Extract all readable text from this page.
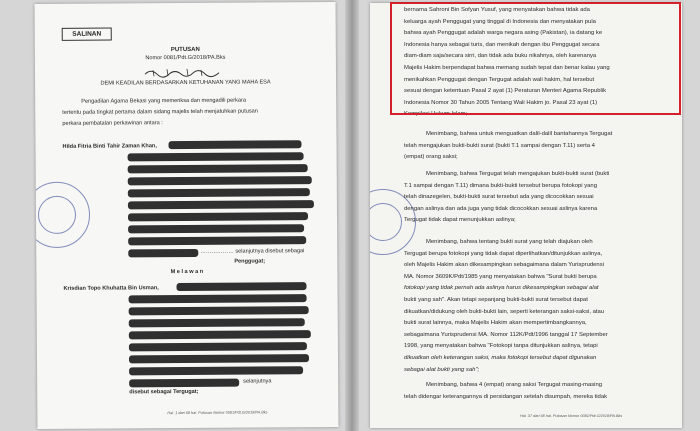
SALINAN
PUTUSAN
Nomor 0081/Pdt.G/2018/PA.Bks
DEMI KEADILAN BERDASARKAN KETUHANAN YANG MAHA ESA
Pengadilan Agama Bekasi yang memeriksa dan mengadili perkara
tertentu pada tingkat pertama dalam sidang majelis telah menjatuhkan putusan
perkara pembatalan perkawinan antara :
Hilda Fitria Binti Tahir Zaman Khan,
……………… selanjutnya disebut sebagai
Penggugat;
M e l a w a n
Krisdian Topo Khuhatta Bin Usman,
selanjutnya
disebut sebagai Tergugat;
Hal. 1 dari 68 hal. Putusan Nomor 0081/Pdt.G/2018/PA.Bks
bernama Sahroni Bin Sofyan Yusuf, yang menyatakan bahwa tidak ada
keluarga ayah Penggugat yang tinggal di Indonesia dan menyatakan pula
bahwa ayah Penggugat adalah warga negara asing (Pakistan), ia datang ke
Indonesia hanya sebagai turis, dan menikah dengan ibu Penggugat secara
diam-diam saja/secara sirri, dan tidak ada buku nikahnya, oleh karenanya
Majelis Hakim berpendapat bahwa memang sudah tepat dan benar kalau yang
menikahkan Penggugat dengan Tergugat adalah wali hakim, hal tersebut
sesuai dengan ketentuan Pasal 2 ayat (1) Peraturan Menteri Agama Republik
Indonesia Nomor 30 Tahun 2005 Tentang Wali Hakim jo. Pasal 23 ayat (1)
Kompilasi Hukum Islam;
Menimbang, bahwa untuk menguatkan dalil-dalil bantahannya Tergugat
telah mengajukan bukti-bukti surat (bukti T.1 sampai dengan T.11) serta 4
(empat) orang saksi;
Menimbang, bahwa Tergugat telah mengajukan bukti-bukti surat (bukti
T.1 sampai dengan T.11) dimana bukti-bukti tersebut berupa fotokopi yang
telah dinazegelen, bukti-bukti surat tersebut ada yang dicocokkan sesuai
dengan aslinya dan ada juga yang tidak dicocokkan sesuai aslinya karena
Tergugat tidak dapat menunjukkan aslinya;
Menimbang, bahwa tentang bukti surat yang telah diajukan oleh
Tergugat berupa fotokopi yang tidak dapat diperlihatkan/ditunjukkan aslinya,
oleh Majelis Hakim akan dikesampingkan sebagaimana dalam Yurisprudensi
MA. Nomor 3609K/Pdt/1985 yang menyatakan bahwa "Surat bukti berupa
fotokopi yang tidak pernah ada aslinya harus dikesampingkan sebagai alat
bukti yang sah". Akan tetapi sepanjang bukti-bukti surat tersebut dapat
dikuatkan/didukung oleh bukti-bukti lain, seperti keterangan saksi-saksi, atau
bukti surat lainnya, maka Majelis Hakim akan mempertimbangkannya,
sebagaimana Yurisprudensi MA. Nomor 112K/Pdt/1996 tanggal 17 September
1998, yang menyatakan bahwa "Fotokopi tanpa ditunjukkan aslinya, tetapi
dikuatkan oleh keterangan saksi, maka fotokopi tersebut dapat digunakan
sebagai alat bukti yang sah";
Menimbang, bahwa 4 (empat) orang saksi Tergugat masing-masing
telah didengar keterangannya di persidangan setelah disumpah, mereka tidak
Hal. 37 dari 68 hal. Putusan Nomor 0081/Pdt.G/2018/PA.Bks
